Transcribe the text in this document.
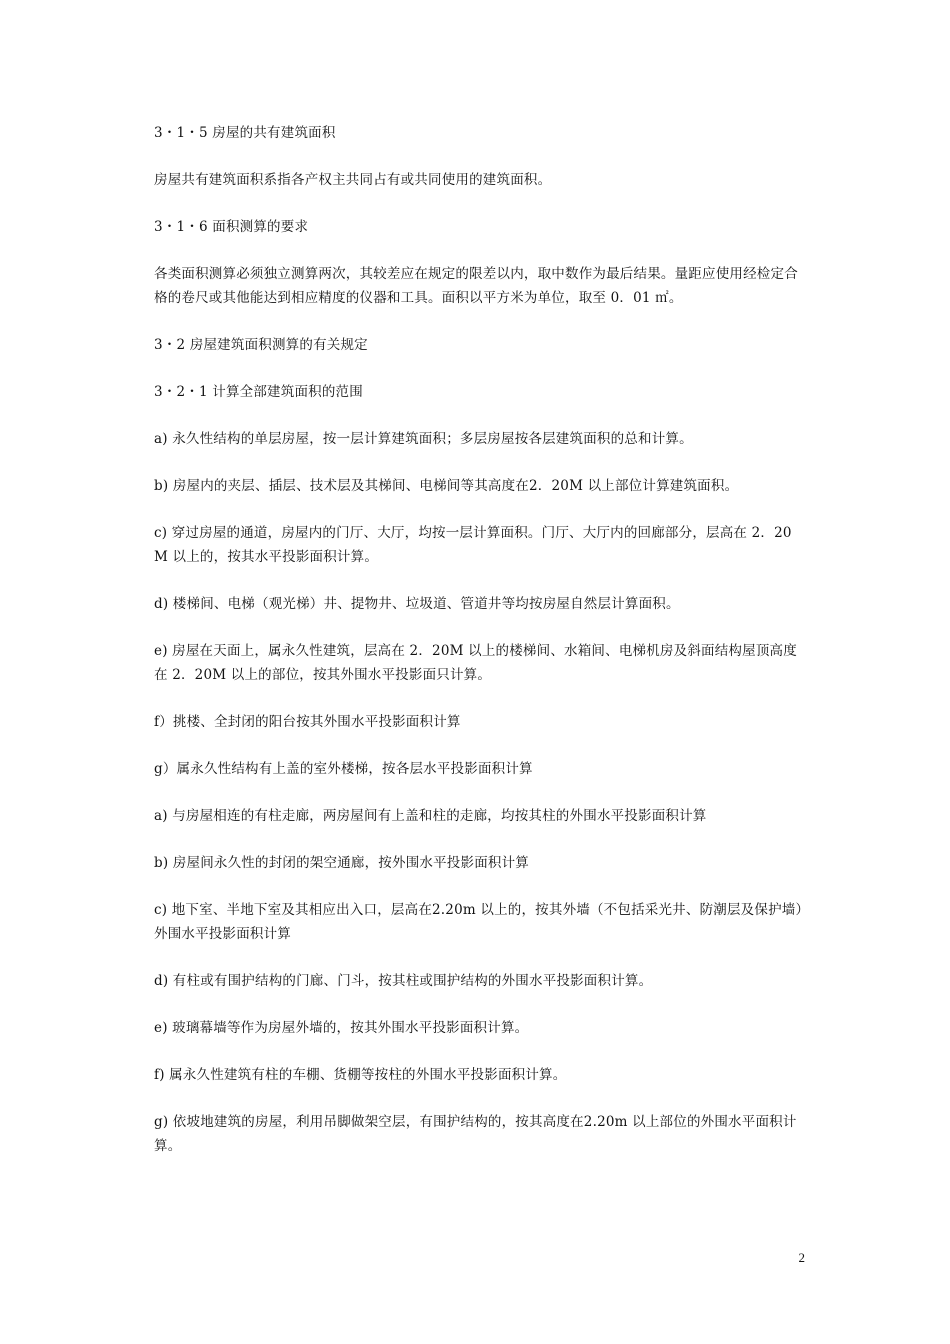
3・1・5 房屋的共有建筑面积

房屋共有建筑面积系指各产权主共同占有或共同使用的建筑面积。

3・1・6 面积测算的要求

各类面积测算必须独立测算两次，其较差应在规定的限差以内，取中数作为最后结果。量距应使用经检定合格的卷尺或其他能达到相应精度的仪器和工具。面积以平方米为单位，取至 0．01 ㎡。

3・2 房屋建筑面积测算的有关规定

3・2・1 计算全部建筑面积的范围

a) 永久性结构的单层房屋，按一层计算建筑面积；多层房屋按各层建筑面积的总和计算。

b) 房屋内的夹层、插层、技术层及其梯间、电梯间等其高度在2．20M 以上部位计算建筑面积。

c) 穿过房屋的通道，房屋内的门厅、大厅，均按一层计算面积。门厅、大厅内的回廊部分，层高在 2．20M 以上的，按其水平投影面积计算。

d) 楼梯间、电梯（观光梯）井、提物井、垃圾道、管道井等均按房屋自然层计算面积。

e) 房屋在天面上，属永久性建筑，层高在 2．20M 以上的楼梯间、水箱间、电梯机房及斜面结构屋顶高度在 2．20M 以上的部位，按其外围水平投影面只计算。

f）挑楼、全封闭的阳台按其外围水平投影面积计算

g）属永久性结构有上盖的室外楼梯，按各层水平投影面积计算

a) 与房屋相连的有柱走廊，两房屋间有上盖和柱的走廊，均按其柱的外围水平投影面积计算

b) 房屋间永久性的封闭的架空通廊，按外围水平投影面积计算

c) 地下室、半地下室及其相应出入口，层高在2.20m 以上的，按其外墙（不包括采光井、防潮层及保护墙）外围水平投影面积计算

d) 有柱或有围护结构的门廊、门斗，按其柱或围护结构的外围水平投影面积计算。

e) 玻璃幕墙等作为房屋外墙的，按其外围水平投影面积计算。

f) 属永久性建筑有柱的车棚、货棚等按柱的外围水平投影面积计算。

g) 依坡地建筑的房屋，利用吊脚做架空层，有围护结构的，按其高度在2.20m 以上部位的外围水平面积计算。

2
